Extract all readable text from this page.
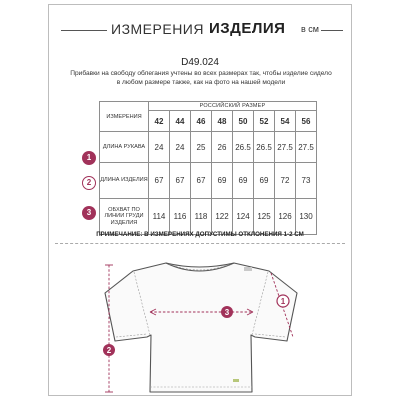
ИЗМЕРЕНИЯ ИЗДЕЛИЯ в см
D49.024
Прибавки на свободу облегания учтены во всех размерах так, чтобы изделие сидело в любом размере также, как на фото на нашей модели
ИЗМЕРЕНИЯ	РОССИЙСКИЙ РАЗМЕР							
	42	44	46	48	50	52	54	56
ДЛИНА РУКАВА	24	24	25	26	26.5	26.5	27.5	27.5
ДЛИНА ИЗДЕЛИЯ	67	67	67	69	69	69	72	73
ОБХВАТ ПО ЛИНИИ ГРУДИ ИЗДЕЛИЯ	114	116	118	122	124	125	126	130
1
2
3
ПРИМЕЧАНИЕ: В ИЗМЕРЕНИЯХ ДОПУСТИМЫ ОТКЛОНЕНИЯ 1-2 СМ
1
2
3
